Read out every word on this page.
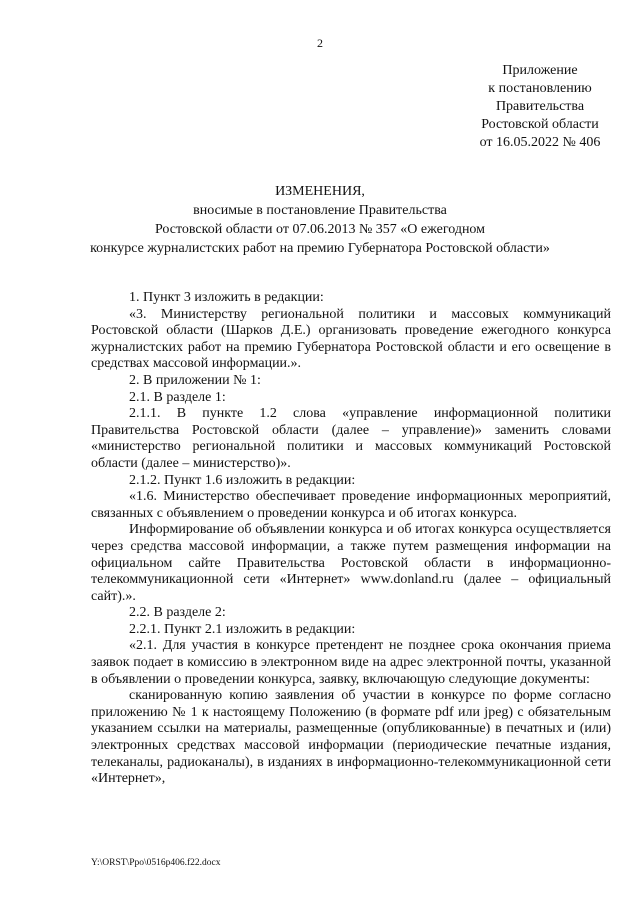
2
Приложение
к постановлению
Правительства
Ростовской области
от 16.05.2022 № 406
ИЗМЕНЕНИЯ,
вносимые в постановление Правительства
Ростовской области от 07.06.2013 № 357 «О ежегодном
конкурсе журналистских работ на премию Губернатора Ростовской области»

1. Пункт 3 изложить в редакции:

«3. Министерству региональной политики и массовых коммуникаций Ростовской области (Шарков Д.Е.) организовать проведение ежегодного конкурса журналистских работ на премию Губернатора Ростовской области и его освещение в средствах массовой информации.».

2. В приложении № 1:

2.1. В разделе 1:

2.1.1. В пункте 1.2 слова «управление информационной политики Правительства Ростовской области (далее – управление)» заменить словами «министерство региональной политики и массовых коммуникаций Ростовской области (далее – министерство)».

2.1.2. Пункт 1.6 изложить в редакции:

«1.6. Министерство обеспечивает проведение информационных мероприятий, связанных с объявлением о проведении конкурса и об итогах конкурса.

Информирование об объявлении конкурса и об итогах конкурса осуществляется через средства массовой информации, а также путем размещения информации на официальном сайте Правительства Ростовской области в информационно-телекоммуникационной сети «Интернет» www.donland.ru (далее – официальный сайт).».

2.2. В разделе 2:

2.2.1. Пункт 2.1 изложить в редакции:

«2.1. Для участия в конкурсе претендент не позднее срока окончания приема заявок подает в комиссию в электронном виде на адрес электронной почты, указанной в объявлении о проведении конкурса, заявку, включающую следующие документы:

сканированную копию заявления об участии в конкурсе по форме согласно приложению № 1 к настоящему Положению (в формате pdf или jpeg) с обязательным указанием ссылки на материалы, размещенные (опубликованные) в печатных и (или) электронных средствах массовой информации (периодические печатные издания, телеканалы, радиоканалы), в изданиях в информационно-телекоммуникационной сети «Интернет»,

Y:\ORST\Ppo\0516p406.f22.docx
